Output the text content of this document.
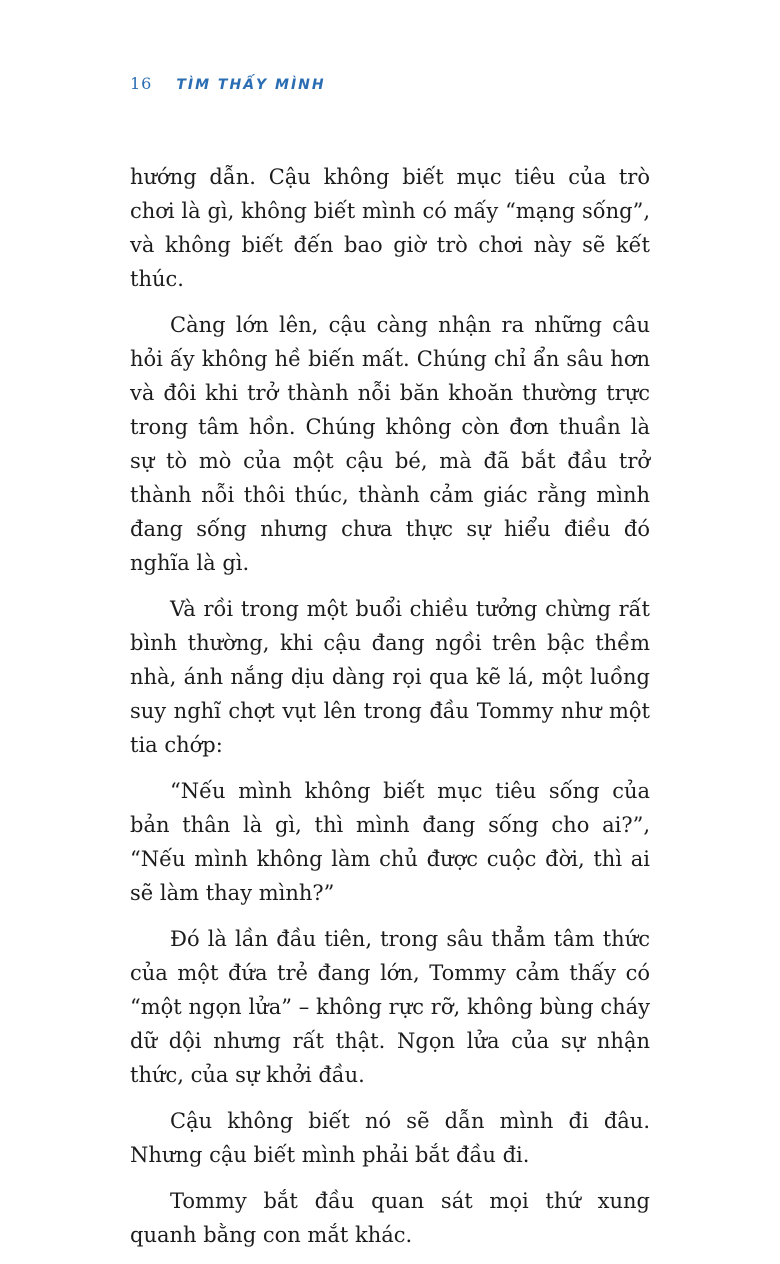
16 TÌM THẤY MÌNH

hướng dẫn. Cậu không biết mục tiêu của trò chơi là gì, không biết mình có mấy “mạng sống”, và không biết đến bao giờ trò chơi này sẽ kết thúc.

Càng lớn lên, cậu càng nhận ra những câu hỏi ấy không hề biến mất. Chúng chỉ ẩn sâu hơn và đôi khi trở thành nỗi băn khoăn thường trực trong tâm hồn. Chúng không còn đơn thuần là sự tò mò của một cậu bé, mà đã bắt đầu trở thành nỗi thôi thúc, thành cảm giác rằng mình đang sống nhưng chưa thực sự hiểu điều đó nghĩa là gì.

Và rồi trong một buổi chiều tưởng chừng rất bình thường, khi cậu đang ngồi trên bậc thềm nhà, ánh nắng dịu dàng rọi qua kẽ lá, một luồng suy nghĩ chợt vụt lên trong đầu Tommy như một tia chớp:

“Nếu mình không biết mục tiêu sống của bản thân là gì, thì mình đang sống cho ai?”, “Nếu mình không làm chủ được cuộc đời, thì ai sẽ làm thay mình?”

Đó là lần đầu tiên, trong sâu thẳm tâm thức của một đứa trẻ đang lớn, Tommy cảm thấy có “một ngọn lửa” – không rực rỡ, không bùng cháy dữ dội nhưng rất thật. Ngọn lửa của sự nhận thức, của sự khởi đầu.

Cậu không biết nó sẽ dẫn mình đi đâu. Nhưng cậu biết mình phải bắt đầu đi.

Tommy bắt đầu quan sát mọi thứ xung quanh bằng con mắt khác.
